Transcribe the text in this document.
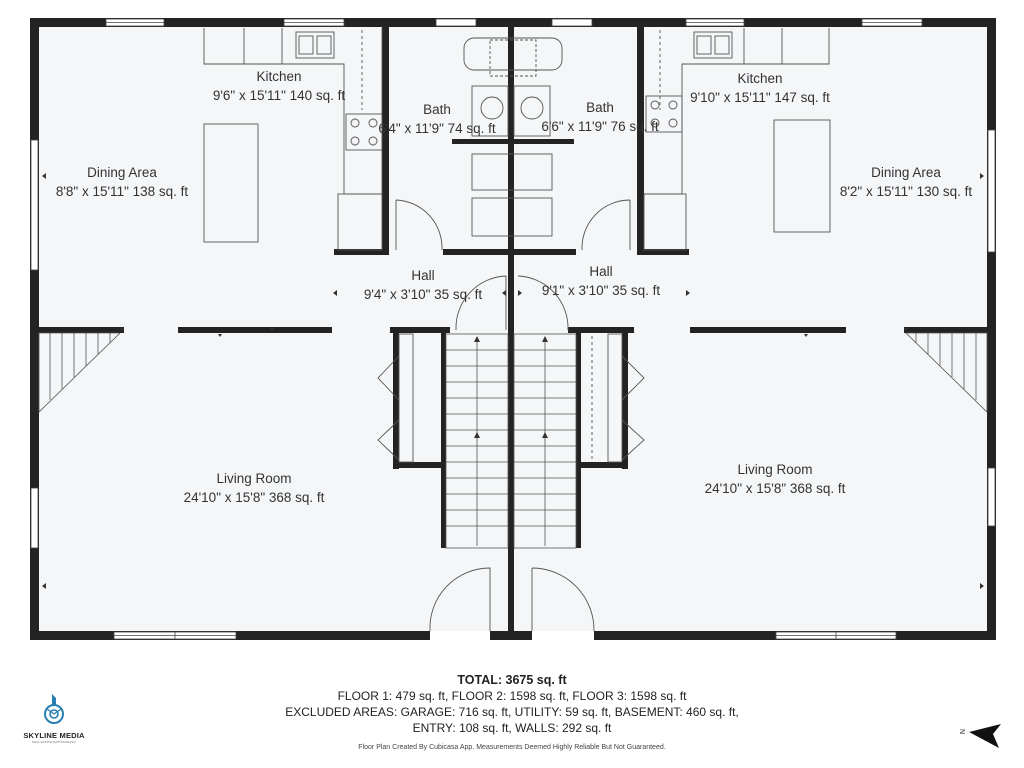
Kitchen
9'6" x 15'11" 140 sq. ft
Dining Area
8'8" x 15'11" 138 sq. ft
Bath
6'4" x 11'9" 74 sq. ft
Bath
6'6" x 11'9" 76 sq. ft
Kitchen
9'10" x 15'11" 147 sq. ft
Dining Area
8'2" x 15'11" 130 sq. ft
Hall
9'4" x 3'10" 35 sq. ft
Hall
9'1" x 3'10" 35 sq. ft
Living Room
24'10" x 15'8" 368 sq. ft
Living Room
24'10" x 15'8" 368 sq. ft
TOTAL: 3675 sq. ft
FLOOR 1: 479 sq. ft, FLOOR 2: 1598 sq. ft, FLOOR 3: 1598 sq. ft
EXCLUDED AREAS: GARAGE: 716 sq. ft, UTILITY: 59 sq. ft, BASEMENT: 460 sq. ft,
ENTRY: 108 sq. ft, WALLS: 292 sq. ft
Floor Plan Created By Cubicasa App. Measurements Deemed Highly Reliable But Not Guaranteed.
SKYLINE MEDIA
REAL ESTATE PHOTOGRAPHY
N
